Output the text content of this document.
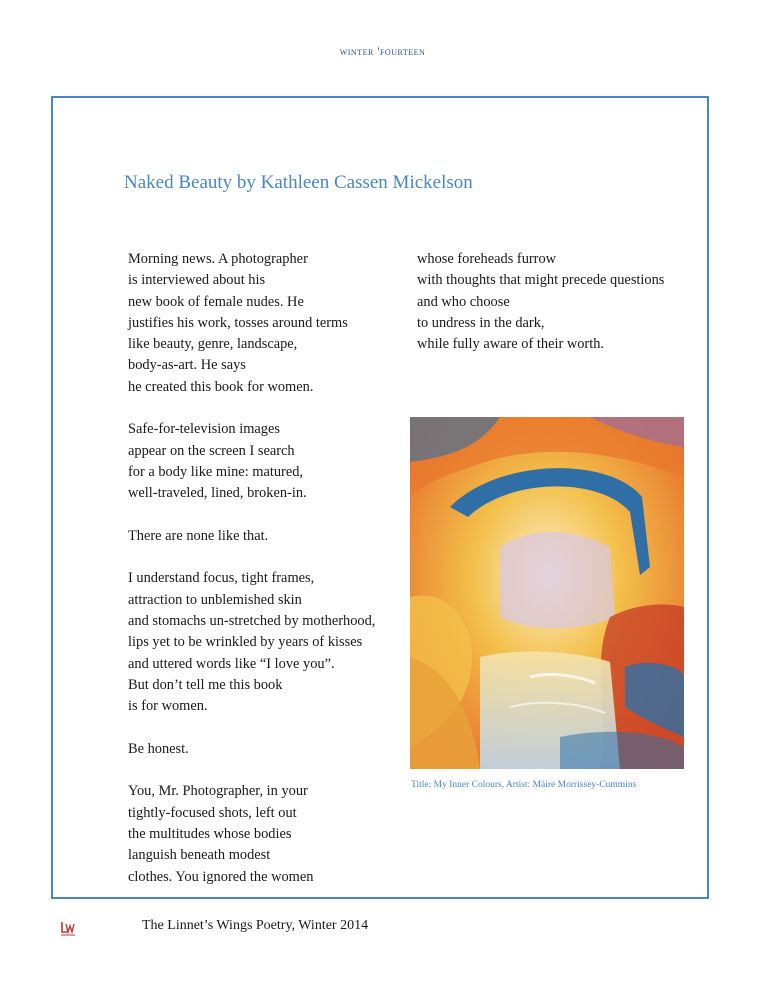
winter 'fourteen
Naked Beauty by Kathleen Cassen Mickelson
Morning news. A photographer
is interviewed about his
new book of female nudes. He
justifies his work, tosses around terms
like beauty, genre, landscape,
body-as-art. He says
he created this book for women.
Safe-for-television images
appear on the screen I search
for a body like mine: matured,
well-traveled, lined, broken-in.
There are none like that.
I understand focus, tight frames,
attraction to unblemished skin
and stomachs un-stretched by motherhood,
lips yet to be wrinkled by years of kisses
and uttered words like “I love you”.
But don’t tell me this book
is for women.
Be honest.
You, Mr. Photographer, in your
tightly-focused shots, left out
the multitudes whose bodies
languish beneath modest
clothes. You ignored the women
whose foreheads furrow
with thoughts that might precede questions
and who choose
to undress in the dark,
while fully aware of their worth.
Title: My Inner Colours, Artist: Máire Morrissey-Cummins
The Linnet’s Wings Poetry, Winter 2014
